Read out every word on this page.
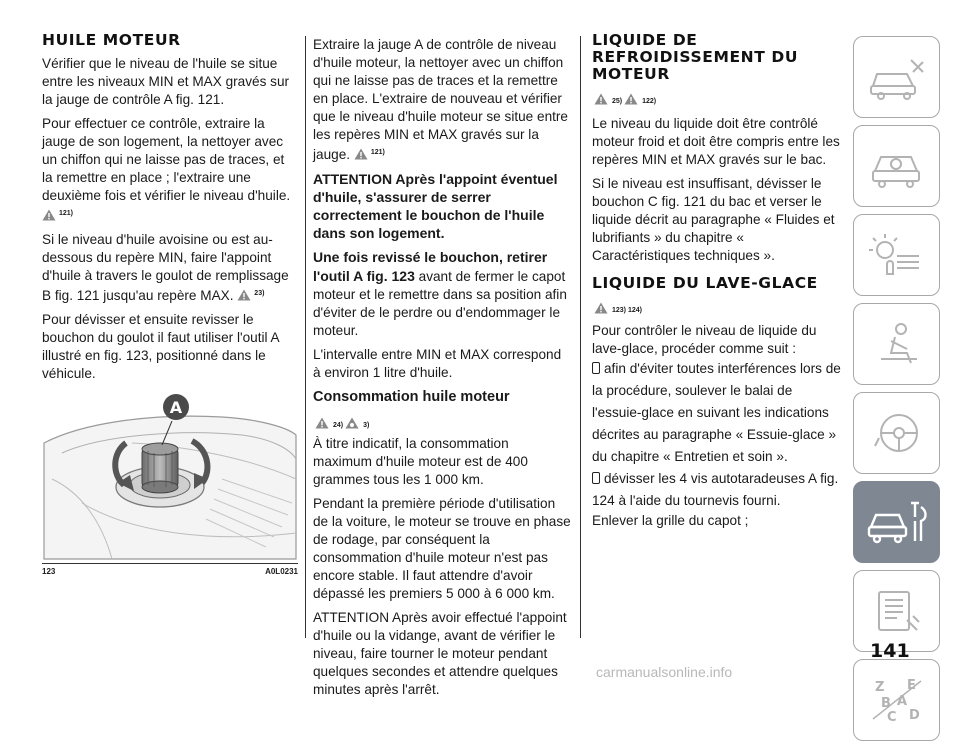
HUILE MOTEUR

Vérifier que le niveau de l'huile se situe entre les niveaux MIN et MAX gravés sur la jauge de contrôle A fig. 121.

Pour effectuer ce contrôle, extraire la jauge de son logement, la nettoyer avec un chiffon qui ne laisse pas de traces, et la remettre en place ; l'extraire une deuxième fois et vérifier le niveau d'huile. $^{121)}$

Si le niveau d'huile avoisine ou est au-dessous du repère MIN, faire l'appoint d'huile à travers le goulot de remplissage B fig. 121 jusqu'au repère MAX.	$^{23)}$

Pour dévisser et ensuite revisser le bouchon du goulot il faut utiliser l'outil A illustré en fig. 123, positionné dans le véhicule.

A
123	A0L0231

Extraire la jauge A de contrôle de niveau d'huile moteur, la nettoyer avec un chiffon qui ne laisse pas de traces et la remettre en place. L'extraire de nouveau et vérifier que le niveau d'huile moteur se situe entre les repères MIN et MAX gravés sur la jauge.	$^{121)}$

ATTENTION Après l'appoint éventuel d'huile, s'assurer de serrer correctement le bouchon de l'huile dans son logement.

Une fois revissé le bouchon, retirer l'outil A fig. 123 avant de fermer le capot moteur et le remettre dans sa position afin d'éviter de le perdre ou d'endommager le moteur.

L'intervalle entre MIN et MAX correspond à environ 1 litre d'huile.

Consommation huile moteur
24)	3)

À titre indicatif, la consommation maximum d'huile moteur est de 400 grammes tous les 1 000 km.

Pendant la première période d'utilisation de la voiture, le moteur se trouve en phase de rodage, par conséquent la consommation d'huile moteur n'est pas encore stable. Il faut attendre d'avoir dépassé les premiers 5 000 à 6 000 km.

ATTENTION Après avoir effectué l'appoint d'huile ou la vidange, avant de vérifier le niveau, faire tourner le moteur pendant quelques secondes et attendre quelques minutes après l'arrêt.

LIQUIDE DE
REFROIDISSEMENT DU
MOTEUR
25)	122)

Le niveau du liquide doit être contrôlé moteur froid et doit être compris entre les repères MIN et MAX gravés sur le bac.

Si le niveau est insuffisant, dévisser le bouchon C fig. 121 du bac et verser le liquide décrit au paragraphe « Fluides et lubrifiants » du chapitre « Caractéristiques techniques ».

LIQUIDE DU LAVE-GLACE
123) 124)

Pour contrôler le niveau de liquide du lave-glace, procéder comme suit :

afin d'éviter toutes interférences lors de la procédure, soulever le balai de l'essuie-glace en suivant les indications décrites au paragraphe « Essuie-glace » du chapitre « Entretien et soin ».

dévisser les 4 vis autotaradeuses A fig. 124 à l'aide du tournevis fourni.

Enlever la grille du capot ;

Z E
B A
C D
141
carmanualsonline.info
